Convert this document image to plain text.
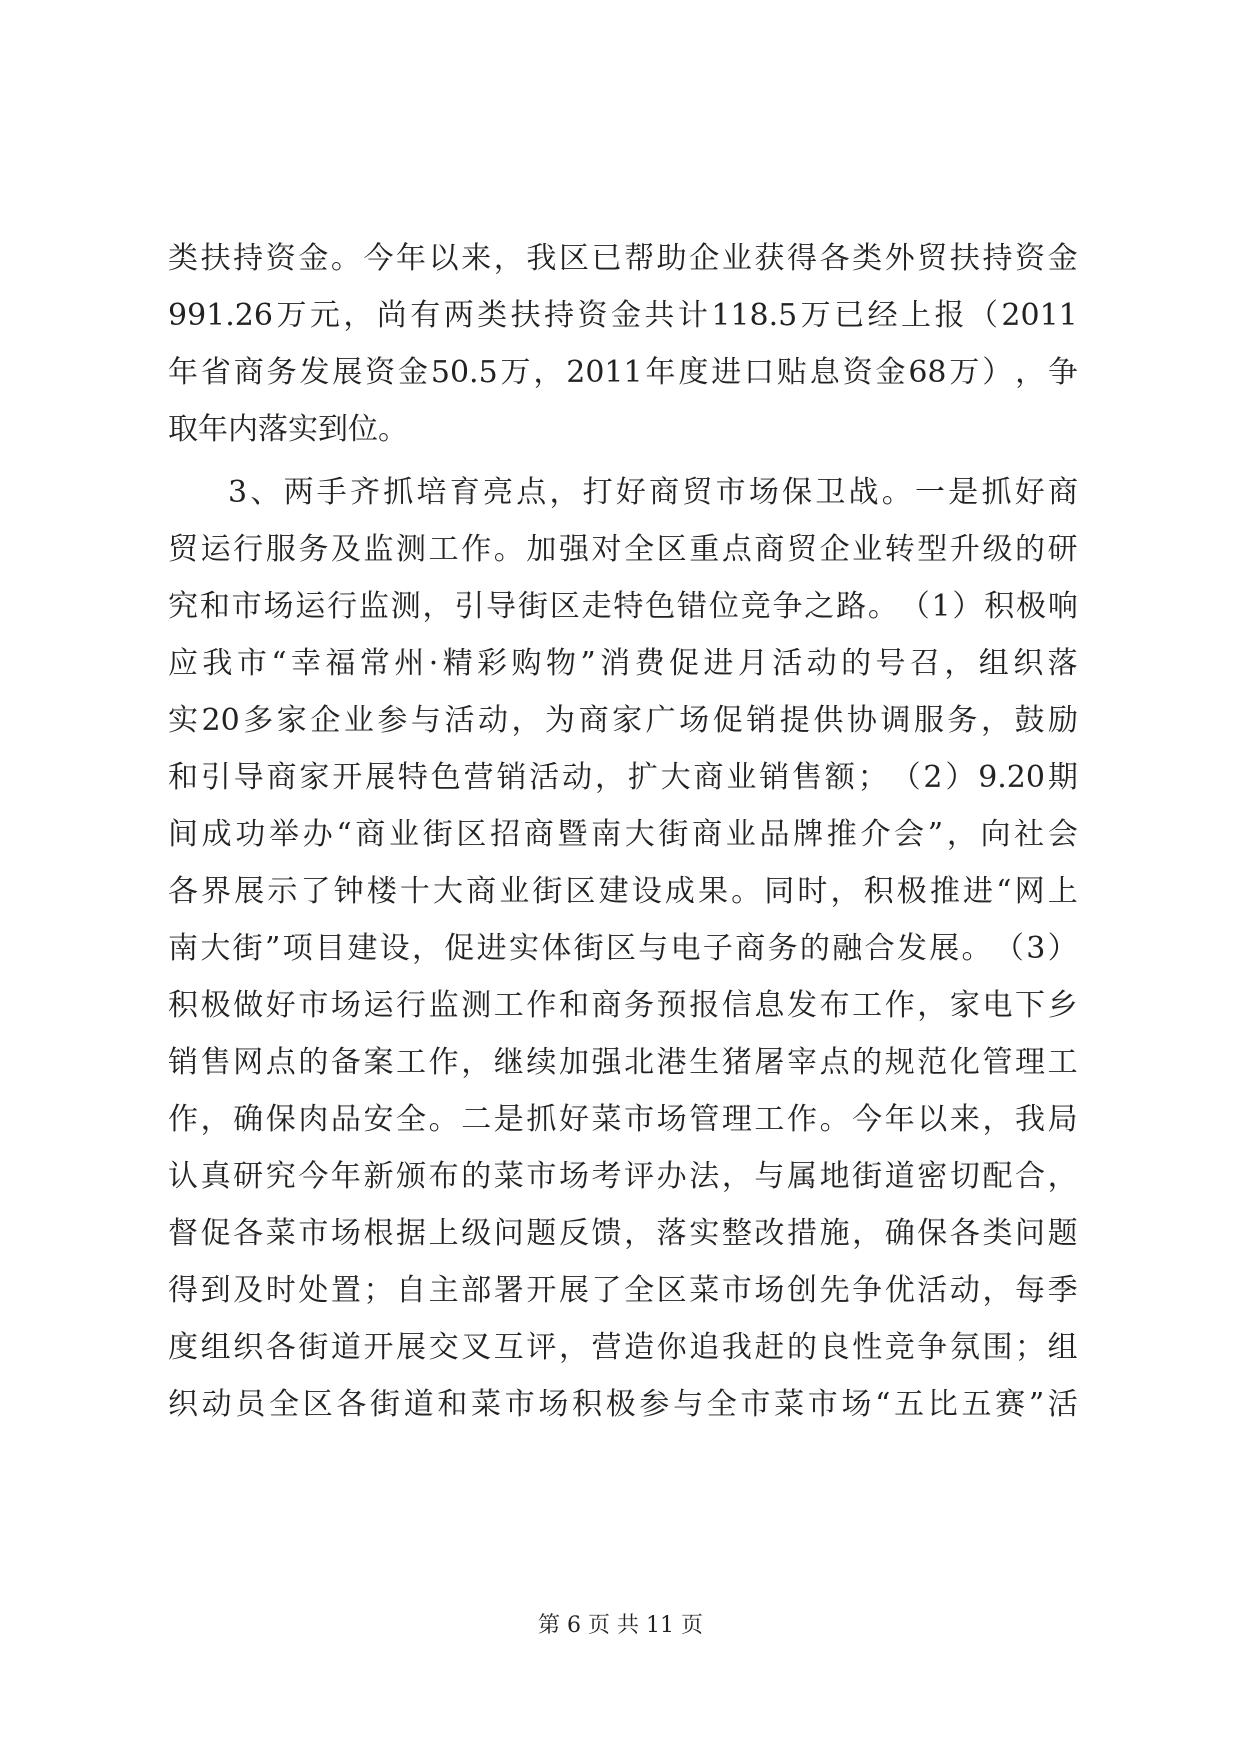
类 扶 持 资 金 。 今 年 以 来 ， 我 区 已 帮 助 企 业 获 得 各 类 外 贸 扶 持 资 金
991.26 万 元 ， 尚 有 两 类 扶 持 资 金 共 计 118.5 万 已 经 上 报 （ 2011
年 省 商 务 发 展 资 金 50.5 万 ， 2011 年 度 进 口 贴 息 资 金 68 万 ） ， 争
取年内落实到位。
3 、 两 手 齐 抓 培 育 亮 点 ， 打 好 商 贸 市 场 保 卫 战 。 一 是 抓 好 商
贸 运 行 服 务 及 监 测 工 作 。 加 强 对 全 区 重 点 商 贸 企 业 转 型 升 级 的 研
究 和 市 场 运 行 监 测 ， 引 导 街 区 走 特 色 错 位 竞 争 之 路 。 （ 1 ） 积 极 响
应 我 市 “ 幸 福 常 州 · 精 彩 购 物 ” 消 费 促 进 月 活 动 的 号 召 ， 组 织 落
实 20 多 家 企 业 参 与 活 动 ， 为 商 家 广 场 促 销 提 供 协 调 服 务 ， 鼓 励
和 引 导 商 家 开 展 特 色 营 销 活 动 ， 扩 大 商 业 销 售 额 ； （ 2 ） 9.20 期
间 成 功 举 办 “ 商 业 街 区 招 商 暨 南 大 街 商 业 品 牌 推 介 会 ” ， 向 社 会
各 界 展 示 了 钟 楼 十 大 商 业 街 区 建 设 成 果 。 同 时 ， 积 极 推 进 “ 网 上
南 大 街 ” 项 目 建 设 ， 促 进 实 体 街 区 与 电 子 商 务 的 融 合 发 展 。 （ 3 ）
积 极 做 好 市 场 运 行 监 测 工 作 和 商 务 预 报 信 息 发 布 工 作 ， 家 电 下 乡
销 售 网 点 的 备 案 工 作 ， 继 续 加 强 北 港 生 猪 屠 宰 点 的 规 范 化 管 理 工
作 ， 确 保 肉 品 安 全 。 二 是 抓 好 菜 市 场 管 理 工 作 。 今 年 以 来 ， 我 局
认 真 研 究 今 年 新 颁 布 的 菜 市 场 考 评 办 法 ， 与 属 地 街 道 密 切 配 合 ，
督 促 各 菜 市 场 根 据 上 级 问 题 反 馈 ， 落 实 整 改 措 施 ， 确 保 各 类 问 题
得 到 及 时 处 置 ； 自 主 部 署 开 展 了 全 区 菜 市 场 创 先 争 优 活 动 ， 每 季
度 组 织 各 街 道 开 展 交 叉 互 评 ， 营 造 你 追 我 赶 的 良 性 竞 争 氛 围 ； 组
织 动 员 全 区 各 街 道 和 菜 市 场 积 极 参 与 全 市 菜 市 场 “ 五 比 五 赛 ” 活
第 6 页 共 11 页
